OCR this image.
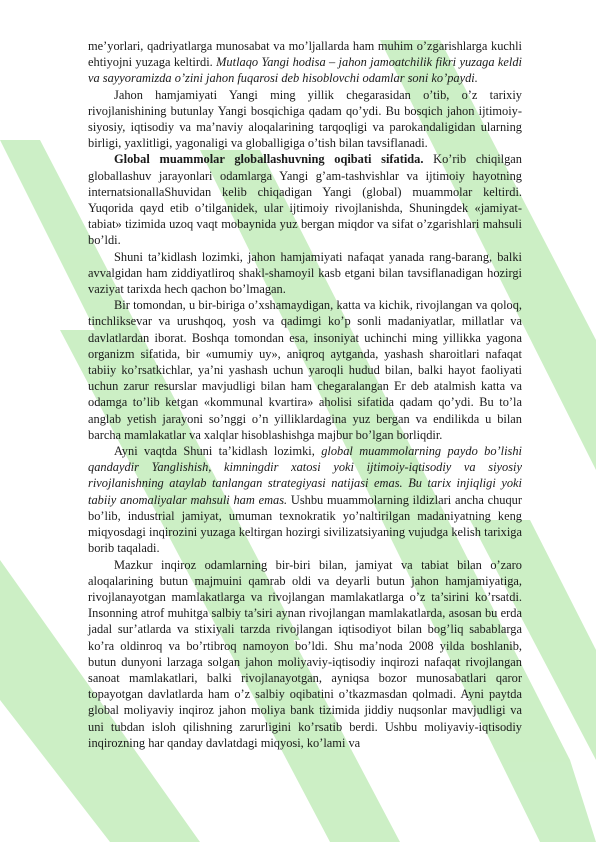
me’yorlari, qadriyatlarga munosabat va mo’ljallarda ham muhim o’zgarishlarga kuchli ehtiyojni yuzaga keltirdi. Mutlaqo Yangi hodisa – jahon jamoatchilik fikri yuzaga keldi va sayyoramizda o’zini jahon fuqarosi deb hisoblovchi odamlar soni ko’paydi.

Jahon hamjamiyati Yangi ming yillik chegarasidan o’tib, o’z tarixiy rivojlanishining butunlay Yangi bosqichiga qadam qo’ydi. Bu bosqich jahon ijtimoiy-siyosiy, iqtisodiy va ma’naviy aloqalarining tarqoqligi va parokandaligidan ularning birligi, yaxlitligi, yagonaligi va globalligiga o’tish bilan tavsiflanadi.

Global muammolar globallashuvning oqibati sifatida. Ko’rib chiqilgan globallashuv jarayonlari odamlarga Yangi g’am-tashvishlar va ijtimoiy hayotning internatsionallaShuvidan kelib chiqadigan Yangi (global) muammolar keltirdi. Yuqorida qayd etib o’tilganidek, ular ijtimoiy rivojlanishda, Shuningdek «jamiyat-tabiat» tizimida uzoq vaqt mobaynida yuz bergan miqdor va sifat o’zgarishlari mahsuli bo’ldi.

Shuni ta’kidlash lozimki, jahon hamjamiyati nafaqat yanada rang-barang, balki avvalgidan ham ziddiyatliroq shakl-shamoyil kasb etgani bilan tavsiflanadigan hozirgi vaziyat tarixda hech qachon bo’lmagan.

Bir tomondan, u bir-biriga o’xshamaydigan, katta va kichik, rivojlangan va qoloq, tinchliksevar va urushqoq, yosh va qadimgi ko’p sonli madaniyatlar, millatlar va davlatlardan iborat. Boshqa tomondan esa, insoniyat uchinchi ming yillikka yagona organizm sifatida, bir «umumiy uy», aniqroq aytganda, yashash sharoitlari nafaqat tabiiy ko’rsatkichlar, ya’ni yashash uchun yaroqli hudud bilan, balki hayot faoliyati uchun zarur resurslar mavjudligi bilan ham chegaralangan Er deb atalmish katta va odamga to’lib ketgan «kommunal kvartira» aholisi sifatida qadam qo’ydi. Bu to’la anglab yetish jarayoni so’nggi o’n yilliklardagina yuz bergan va endilikda u bilan barcha mamlakatlar va xalqlar hisoblashishga majbur bo’lgan borliqdir.

Ayni vaqtda Shuni ta’kidlash lozimki, global muammolarning paydo bo’lishi qandaydir Yanglishish, kimningdir xatosi yoki ijtimoiy-iqtisodiy va siyosiy rivojlanishning ataylab tanlangan strategiyasi natijasi emas. Bu tarix injiqligi yoki tabiiy anomaliyalar mahsuli ham emas. Ushbu muammolarning ildizlari ancha chuqur bo’lib, industrial jamiyat, umuman texnokratik yo’naltirilgan madaniyatning keng miqyosdagi inqirozini yuzaga keltirgan hozirgi sivilizatsiyaning vujudga kelish tarixiga borib taqaladi.

Mazkur inqiroz odamlarning bir-biri bilan, jamiyat va tabiat bilan o’zaro aloqalarining butun majmuini qamrab oldi va deyarli butun jahon hamjamiyatiga, rivojlanayotgan mamlakatlarga va rivojlangan mamlakatlarga o’z ta’sirini ko’rsatdi. Insonning atrof muhitga salbiy ta’siri aynan rivojlangan mamlakatlarda, asosan bu erda jadal sur’atlarda va stixiyali tarzda rivojlangan iqtisodiyot bilan bog’liq sabablarga ko’ra oldinroq va bo’rtibroq namoyon bo’ldi. Shu ma’noda 2008 yilda boshlanib, butun dunyoni larzaga solgan jahon moliyaviy-iqtisodiy inqirozi nafaqat rivojlangan sanoat mamlakatlari, balki rivojlanayotgan, ayniqsa bozor munosabatlari qaror topayotgan davlatlarda ham o’z salbiy oqibatini o’tkazmasdan qolmadi. Ayni paytda global moliyaviy inqiroz jahon moliya bank tizimida jiddiy nuqsonlar mavjudligi va uni tubdan isloh qilishning zarurligini ko’rsatib berdi. Ushbu moliyaviy-iqtisodiy inqirozning har qanday davlatdagi miqyosi, ko’lami va
